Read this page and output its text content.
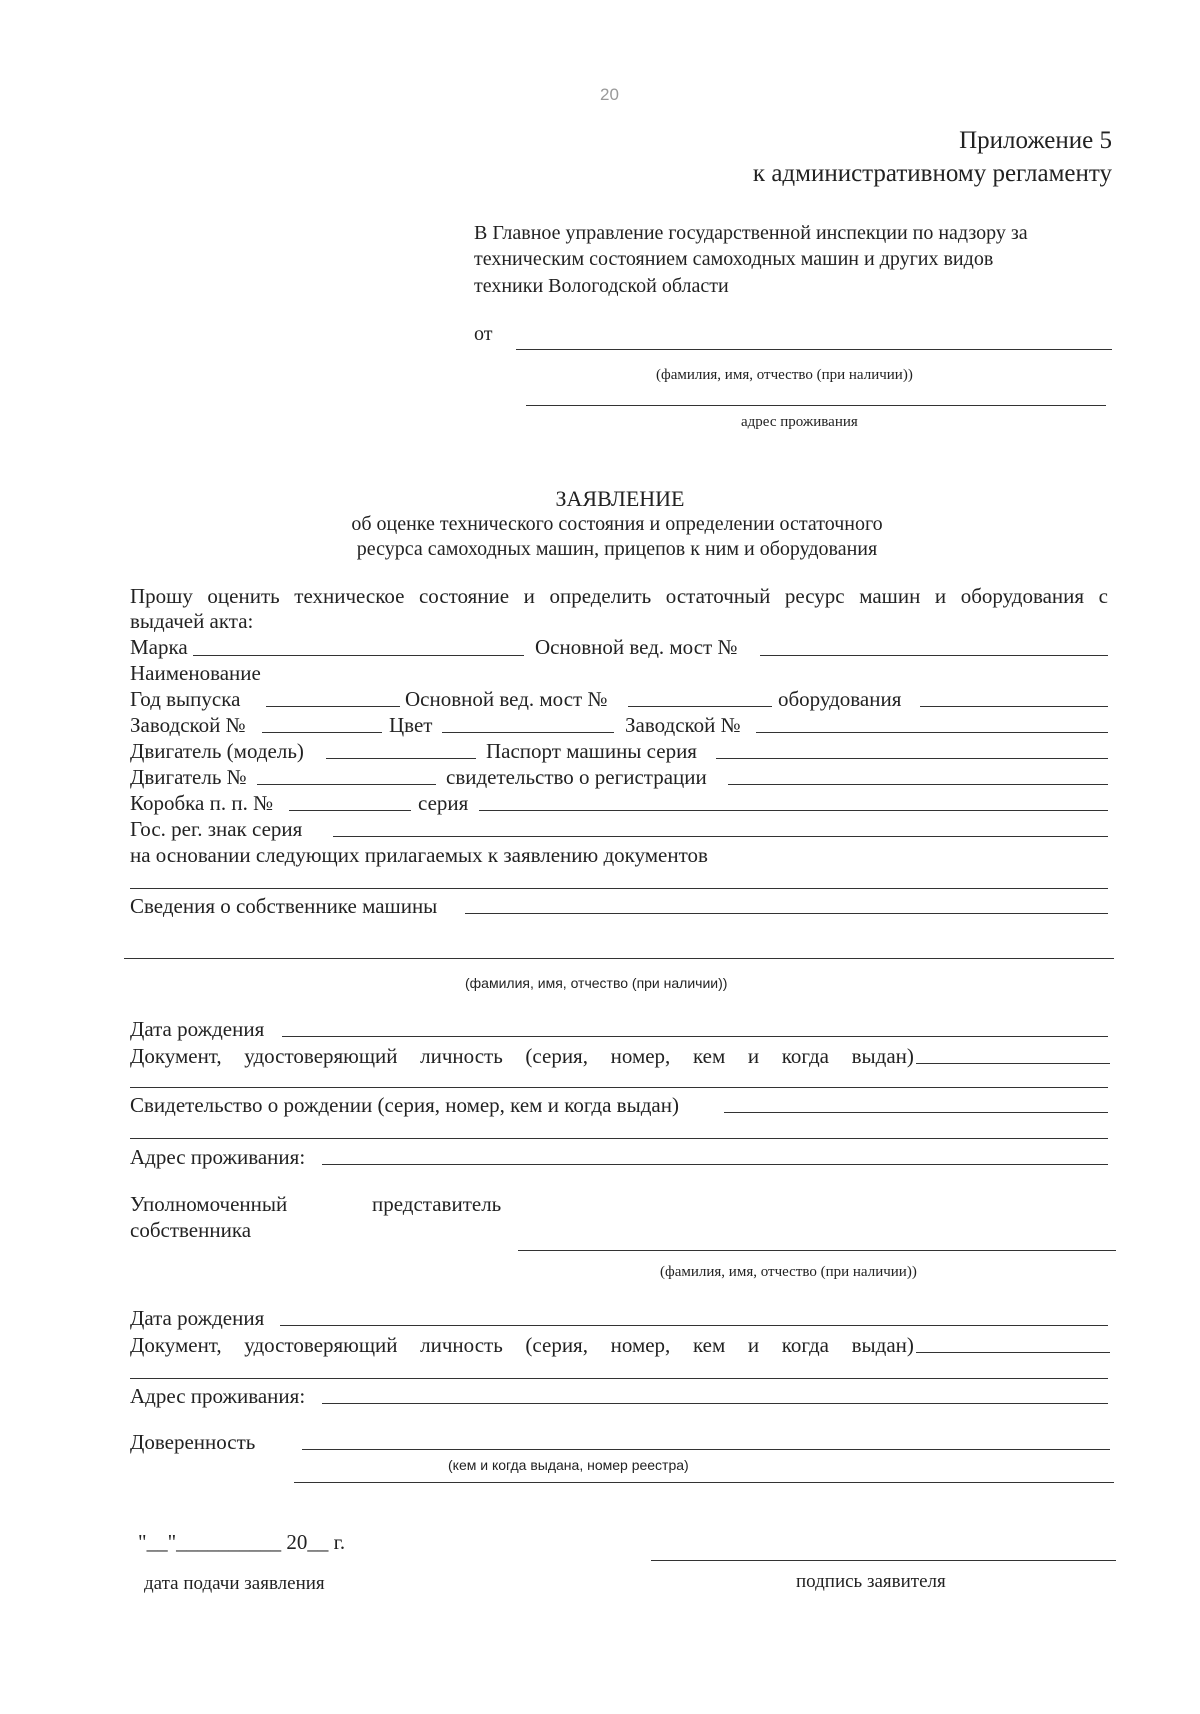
20
Приложение 5
к административному регламенту
В Главное управление государственной инспекции по надзору за
техническим состоянием самоходных машин и других видов
техники Вологодской области
от
(фамилия, имя, отчество (при наличии))
адрес проживания
ЗАЯВЛЕНИЕ
об оценке технического состояния и определении остаточного
ресурса самоходных машин, прицепов к ним и оборудования
Прошу оценить техническое состояние и определить остаточный ресурс машин и оборудования с
выдачей акта:
Марка	Основной вед. мост №
Наименование
Год выпуска	Основной вед. мост №	оборудования
Заводской №	Цвет	Заводской №
Двигатель (модель)	Паспорт машины серия
Двигатель №	свидетельство о регистрации
Коробка п. п. №	серия
Гос. рег. знак серия
на основании следующих прилагаемых к заявлению документов
Сведения о собственнике машины
(фамилия, имя, отчество (при наличии))
Дата рождения
Документ, удостоверяющий личность (серия, номер, кем и когда выдан)
Свидетельство о рождении (серия, номер, кем и когда выдан)
Адрес проживания:
Уполномоченный	представитель
собственника
(фамилия, имя, отчество (при наличии))
Дата рождения
Документ, удостоверяющий личность (серия, номер, кем и когда выдан)
Адрес проживания:
Доверенность
(кем и когда выдана, номер реестра)
"__"__________ 20__ г.
дата подачи заявления	подпись заявителя
